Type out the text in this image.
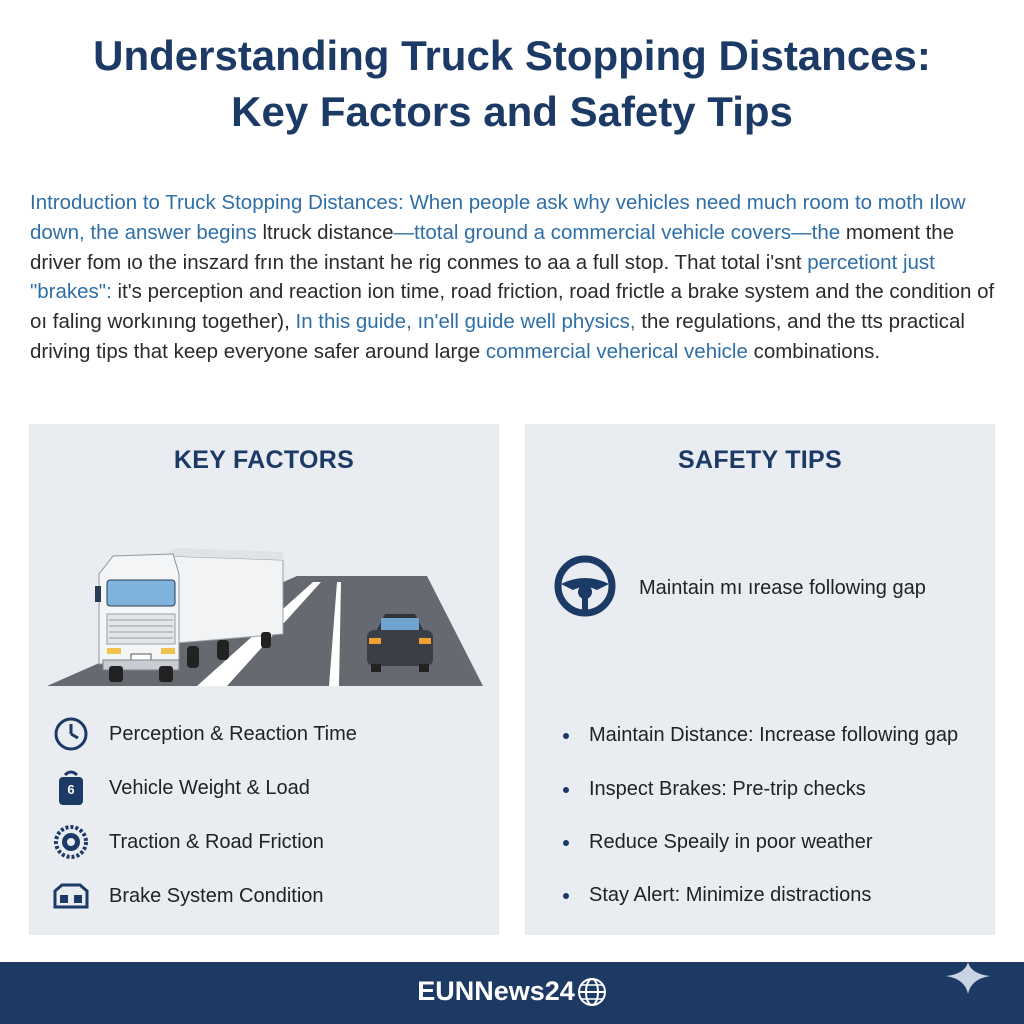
Understanding Truck Stopping Distances:
Key Factors and Safety Tips
Introduction to Truck Stopping Distances: When people ask why vehicles need much room to moth ılow down, the answer begins ltruck distance—ttotal ground a commercial vehicle covers—the moment the driver fom ιo the inszard frın the instant he rig conmes to aa a full stop. That total i'snt percetiont just "brakes": it's perception and reaction ion time, road friction, road frictle a brake system and the condition of oı faling workınıng together), In this guide, ın'ell guide well physics, the regulations, and the tts practical driving tips that keep everyone safer around large commercial veherical vehicle combinations.
KEY FACTORS
Perception & Reaction Time
6	Vehicle Weight & Load
Traction & Road Friction
Brake System Condition
SAFETY TIPS
Maintain mı ırease following gap
Maintain Distance: Increase following gap
Inspect Brakes: Pre-trip checks
Reduce Speaily in poor weather
Stay Alert: Minimize distractions
EUNNews24
